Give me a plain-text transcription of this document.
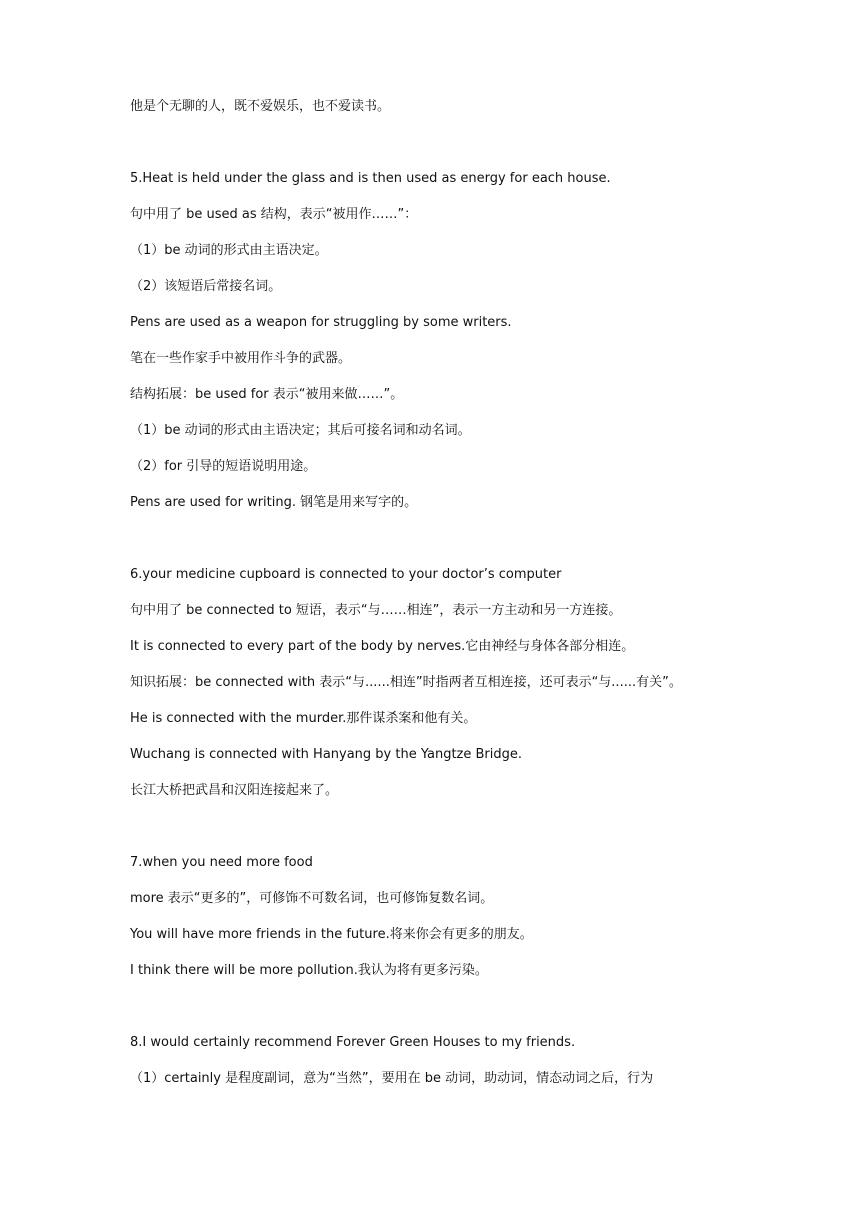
他是个无聊的人，既不爱娱乐，也不爱读书。
5.Heat is held under the glass and is then used as energy for each house.
句中用了 be used as 结构，表示“被用作……”：
（1）be 动词的形式由主语决定。
（2）该短语后常接名词。
Pens are used as a weapon for struggling by some writers.
笔在一些作家手中被用作斗争的武器。
结构拓展：be used for 表示“被用来做……”。
（1）be 动词的形式由主语决定；其后可接名词和动名词。
（2）for 引导的短语说明用途。
Pens are used for writing. 钢笔是用来写字的。
6.your medicine cupboard is connected to your doctor’s computer
句中用了 be connected to 短语，表示“与……相连”，表示一方主动和另一方连接。
It is connected to every part of the body by nerves.它由神经与身体各部分相连。
知识拓展：be connected with 表示“与......相连”时指两者互相连接，还可表示“与......有关”。
He is connected with the murder.那件谋杀案和他有关。
Wuchang is connected with Hanyang by the Yangtze Bridge.
长江大桥把武昌和汉阳连接起来了。
7.when you need more food
more 表示“更多的”，可修饰不可数名词，也可修饰复数名词。
You will have more friends in the future.将来你会有更多的朋友。
I think there will be more pollution.我认为将有更多污染。
8.I would certainly recommend Forever Green Houses to my friends.
（1）certainly 是程度副词，意为“当然”，要用在 be 动词，助动词，情态动词之后，行为
